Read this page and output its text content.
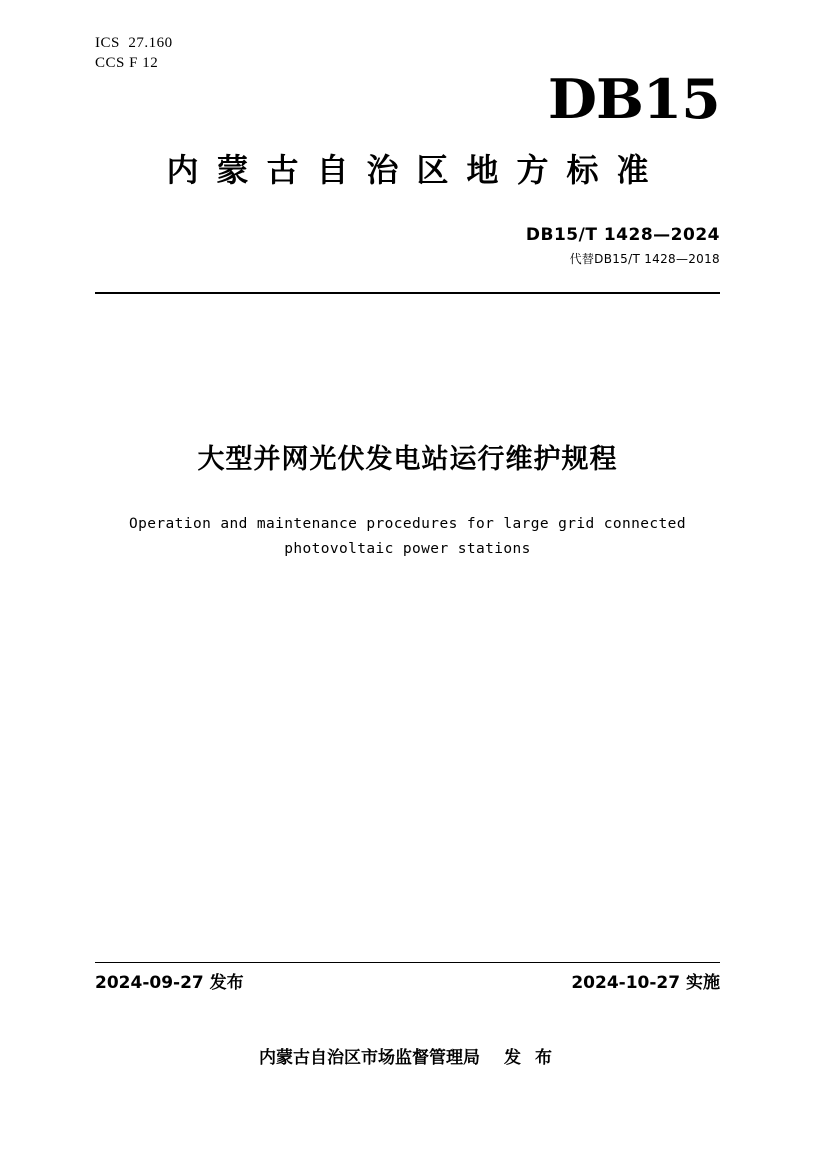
ICS 27.160
CCS F 12
DB15
内蒙古自治区地方标准
DB15/T 1428—2024
代替DB15/T 1428—2018
大型并网光伏发电站运行维护规程
Operation and maintenance procedures for large grid connected
photovoltaic power stations
2024-09-27 发布	2024-10-27 实施
内蒙古自治区市场监督管理局 发 布
